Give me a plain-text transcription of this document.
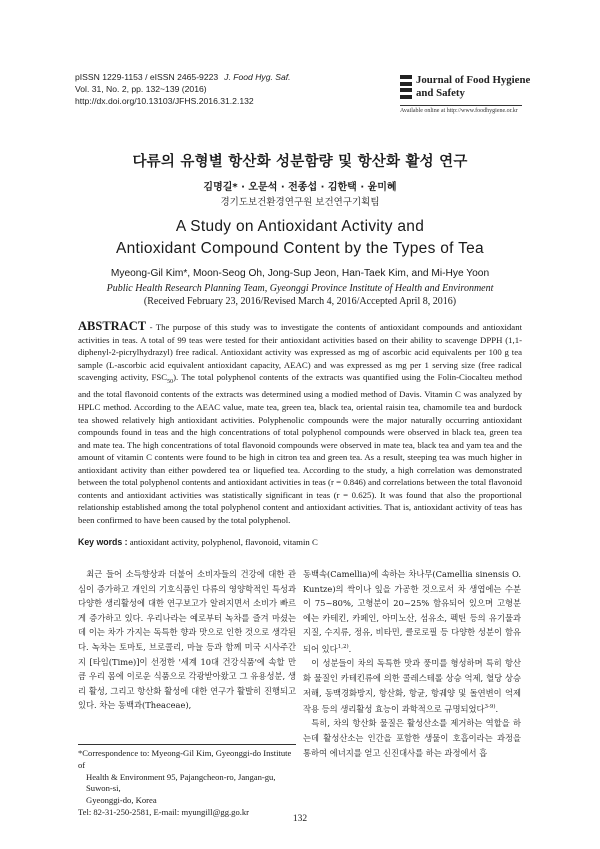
pISSN 1229-1153 / eISSN 2465-9223 J. Food Hyg. Saf.
Vol. 31, No. 2, pp. 132~139 (2016)
http://dx.doi.org/10.13103/JFHS.2016.31.2.132
Journal of Food Hygiene
and Safety
Available online at http://www.foodhygiene.or.kr
다류의 유형별 항산화 성분함량 및 항산화 활성 연구
김명길* · 오문석 · 전종섭 · 김한택 · 윤미혜
경기도보건환경연구원 보건연구기획팀
A Study on Antioxidant Activity and
Antioxidant Compound Content by the Types of Tea
Myeong-Gil Kim*, Moon-Seog Oh, Jong-Sup Jeon, Han-Taek Kim, and Mi-Hye Yoon
Public Health Research Planning Team, Gyeonggi Province Institute of Health and Environment
(Received February 23, 2016/Revised March 4, 2016/Accepted April 8, 2016)
ABSTRACT - The purpose of this study was to investigate the contents of antioxidant compounds and antioxidant activities in teas. A total of 99 teas were tested for their antioxidant activities based on their ability to scavenge DPPH (1,1-diphenyl-2-picrylhydrazyl) free radical. Antioxidant activity was expressed as mg of ascorbic acid equivalents per 100 g tea sample (L-ascorbic acid equivalent antioxidant capacity, AEAC) and was expressed as mg per 1 serving size (free radical scavenging activity, $FSC_{50}$). The total polyphenol contents of the extracts was quantified using the Folin-Ciocalteu method and the total flavonoid contents of the extracts was determined using a modied method of Davis. Vitamin C was analyzed by HPLC method. According to the AEAC value, mate tea, green tea, black tea, oriental raisin tea, chamomile tea and burdock tea showed relatively high antioxidant activities. Polyphenolic compounds were the major naturally occurring antioxidant compounds found in teas and the high concentrations of total polyphenol compounds were observed in black tea, green tea and mate tea. The high concentrations of total flavonoid compounds were observed in mate tea, black tea and yam tea and the amount of vitamin C contents were found to be high in citron tea and green tea. As a result, steeping tea was much higher in antioxidant activity than either powdered tea or liquefied tea. According to the study, a high correlation was demonstrated between the total polyphenol contents and antioxidant activities in teas (r = 0.846) and correlations between the total flavonoid contents and antioxidant activities was statistically significant in teas (r = 0.625). It was found that also the proportional relationship established among the total polyphenol content and antioxidant activities. That is, antioxidant activity of teas has been confirmed to have been caused by the total polyphenol.
Key words : antioxidant activity, polyphenol, flavonoid, vitamin C

최근 들어 소득향상과 더불어 소비자들의 건강에 대한 관심이 증가하고 개인의 기호식품인 다류의 영양학적인 특성과 다양한 생리활성에 대한 연구보고가 알려지면서 소비가 빠르게 증가하고 있다. 우리나라는 예로부터 녹차를 즐겨 마셨는데 이는 차가 가지는 독특한 향과 맛으로 인한 것으로 생각된다. 녹차는 토마토, 브로콜리, 마늘 등과 함께 미국 시사주간지 [타임(Time)]이 선정한 '세계 10대 건강식품'에 속할 만큼 우리 몸에 이로운 식품으로 각광받아왔고 그 유용성분, 생리 활성, 그리고 항산화 활성에 대한 연구가 활발히 진행되고 있다. 차는 동백과(Theaceae),

동백속(Camellia)에 속하는 차나무(Camellia sinensis O. Kuntze)의 싹이나 잎을 가공한 것으로서 차 생엽에는 수분이 75~80%, 고형분이 20~25% 함유되어 있으며 고형분에는 카테킨, 카페인, 아미노산, 섬유소, 펙틴 등의 유기물과 지질, 수지류, 정유, 비타민, 클로로필 등 다양한 성분이 함유되어 있다$^{1,2)}$.

이 성분들이 차의 독특한 맛과 풍미를 형성하며 특히 항산화 물질인 카테킨류에 의한 콜레스테롤 상승 억제, 혈당 상승 저해, 동맥경화방지, 항산화, 항균, 항궤양 및 돌연변이 억제 작용 등의 생리활성 효능이 과학적으로 규명되었다$^{3-9)}$.

특히, 차의 항산화 물질은 활성산소를 제거하는 역할을 하는데 활성산소는 인간을 포함한 생물이 호흡이라는 과정을 통하여 에너지를 얻고 신진대사를 하는 과정에서 흡

*Correspondence to: Myeong-Gil Kim, Gyeonggi-do Institute of
Health & Environment 95, Pajangcheon-ro, Jangan-gu, Suwon-si,
Gyeonggi-do, Korea
Tel: 82-31-250-2581, E-mail: myungill@gg.go.kr
132
